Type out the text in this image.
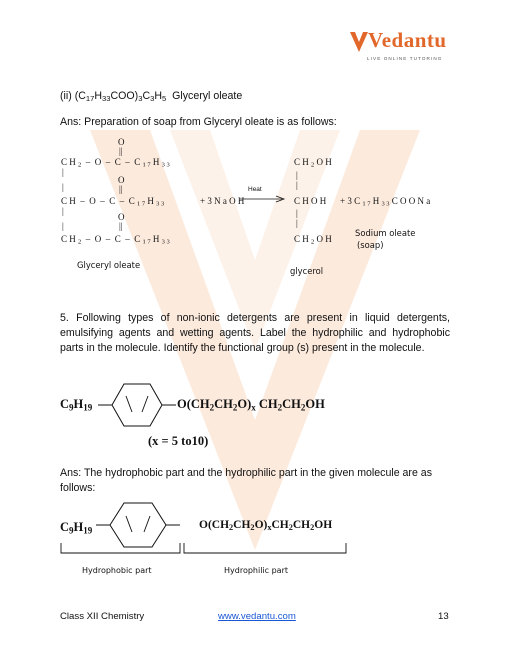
Vedantu
LIVE ONLINE TUTORING
(ii) $(C_{17}H_{33}COO)_3C_3H_5$ Glyceryl oleate
Ans: Preparation of soap from Glyceryl oleate is as follows:
O
||
C H $_2$  –  O  –  C  –  C $_{1 7}$ H $_{3 3}$
|
O
||
|
C H  –  O  –  C  –  C $_{1 7}$ H $_{3 3}$
|
O
||
|
C H $_2$  –  O  –  C  –  C $_{1 7}$ H $_{3 3}$
+ 3 N a O H
Heat
C H $_2$ O H
|
|
C H O H
|
|
C H $_2$ O H
+ 3 C $_{1 7}$ H $_{3 3}$ C O O N a
Glyceryl oleate
glycerol
Sodium oleate
(soap)
5. Following types of non-ionic detergents are present in liquid detergents, emulsifying agents and wetting agents. Label the hydrophilic and hydrophobic parts in the molecule. Identify the functional group (s) present in the molecule.
$C_9H_{19}$	$O(CH_2CH_2O)_x$ $CH_2CH_2OH$
(x = 5 to10)
Ans: The hydrophobic part and the hydrophilic part in the given molecule are as follows:
$C_9H_{19}$	$O(CH_2CH_2O)_xCH_2CH_2OH$
Hydrophobic part	Hydrophilic part
Class XII Chemistry	www.vedantu.com	13
